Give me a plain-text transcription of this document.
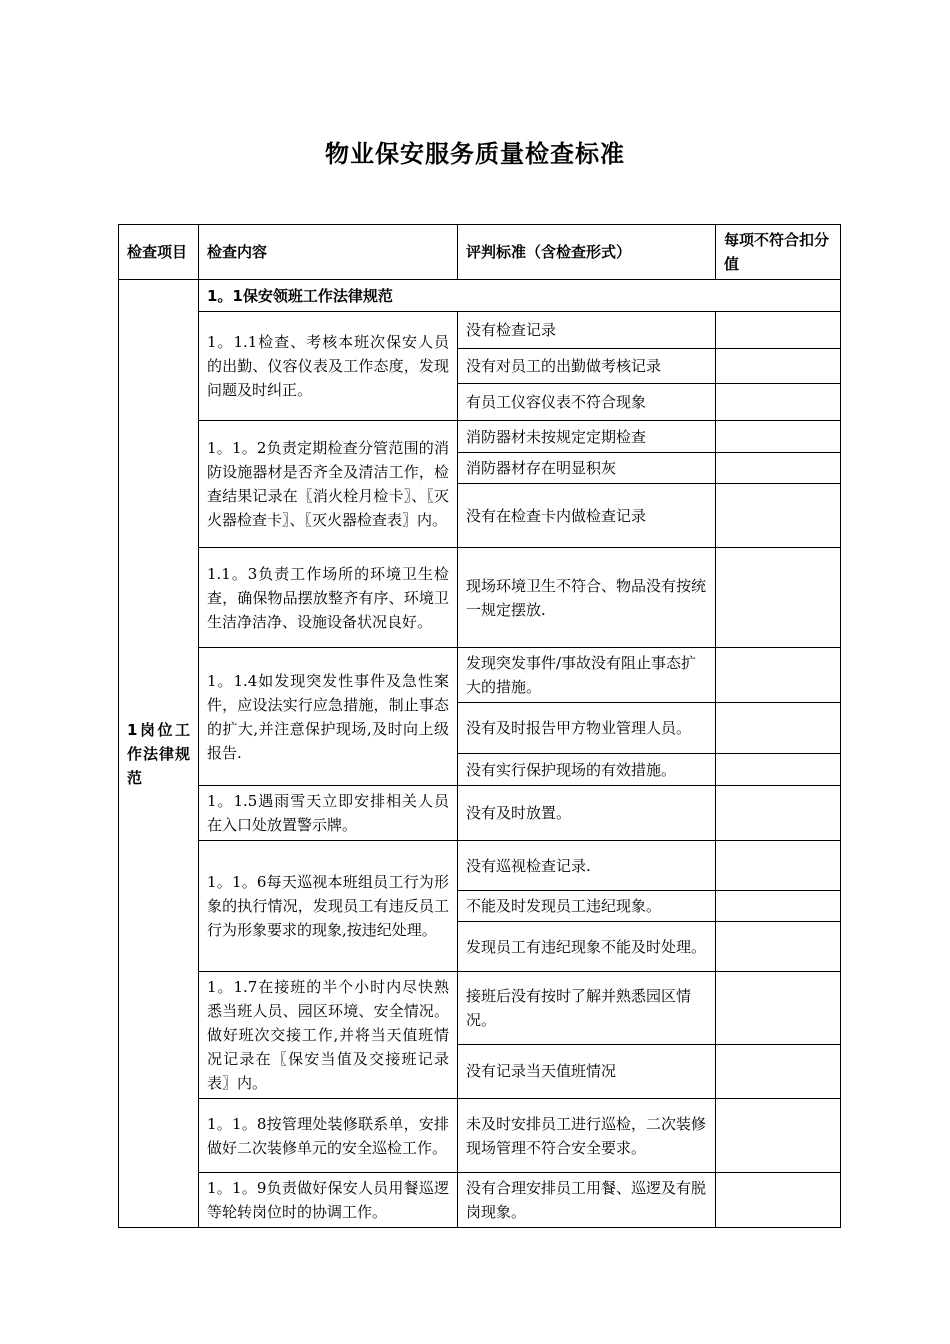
物业保安服务质量检查标准
检查项目	检查内容	评判标准（含检查形式）	每项不符合扣分值
1岗位工作法律规范	1。1保安领班工作法律规范		
	1。1.1检查、考核本班次保安人员的出勤、仪容仪表及工作态度，发现问题及时纠正。	没有检查记录	
		没有对员工的出勤做考核记录	
		有员工仪容仪表不符合现象	
	1。1。2负责定期检查分管范围的消防设施器材是否齐全及清洁工作，检查结果记录在〖消火栓月检卡〗、〖灭火器检查卡〗、〖灭火器检查表〗内。	消防器材未按规定定期检查	
		消防器材存在明显积灰	
		没有在检查卡内做检查记录	
	1.1。3负责工作场所的环境卫生检查，确保物品摆放整齐有序、环境卫生洁净洁净、设施设备状况良好。	现场环境卫生不符合、物品没有按统一规定摆放.	
	1。1.4如发现突发性事件及急性案件，应设法实行应急措施，制止事态的扩大,并注意保护现场,及时向上级报告.	发现突发事件/事故没有阻止事态扩大的措施。	
		没有及时报告甲方物业管理人员。	
		没有实行保护现场的有效措施。	
	1。1.5遇雨雪天立即安排相关人员在入口处放置警示牌。	没有及时放置。	
	1。1。6每天巡视本班组员工行为形象的执行情况，发现员工有违反员工行为形象要求的现象,按违纪处理。	没有巡视检查记录.	
		不能及时发现员工违纪现象。	
		发现员工有违纪现象不能及时处理。	
	1。1.7在接班的半个小时内尽快熟悉当班人员、园区环境、安全情况。做好班次交接工作,并将当天值班情况记录在〖保安当值及交接班记录表〗内。	接班后没有按时了解并熟悉园区情况。	
		没有记录当天值班情况	
	1。1。8按管理处装修联系单，安排做好二次装修单元的安全巡检工作。	未及时安排员工进行巡检，二次装修现场管理不符合安全要求。	
	1。1。9负责做好保安人员用餐巡逻等轮转岗位时的协调工作。	没有合理安排员工用餐、巡逻及有脱岗现象。	
